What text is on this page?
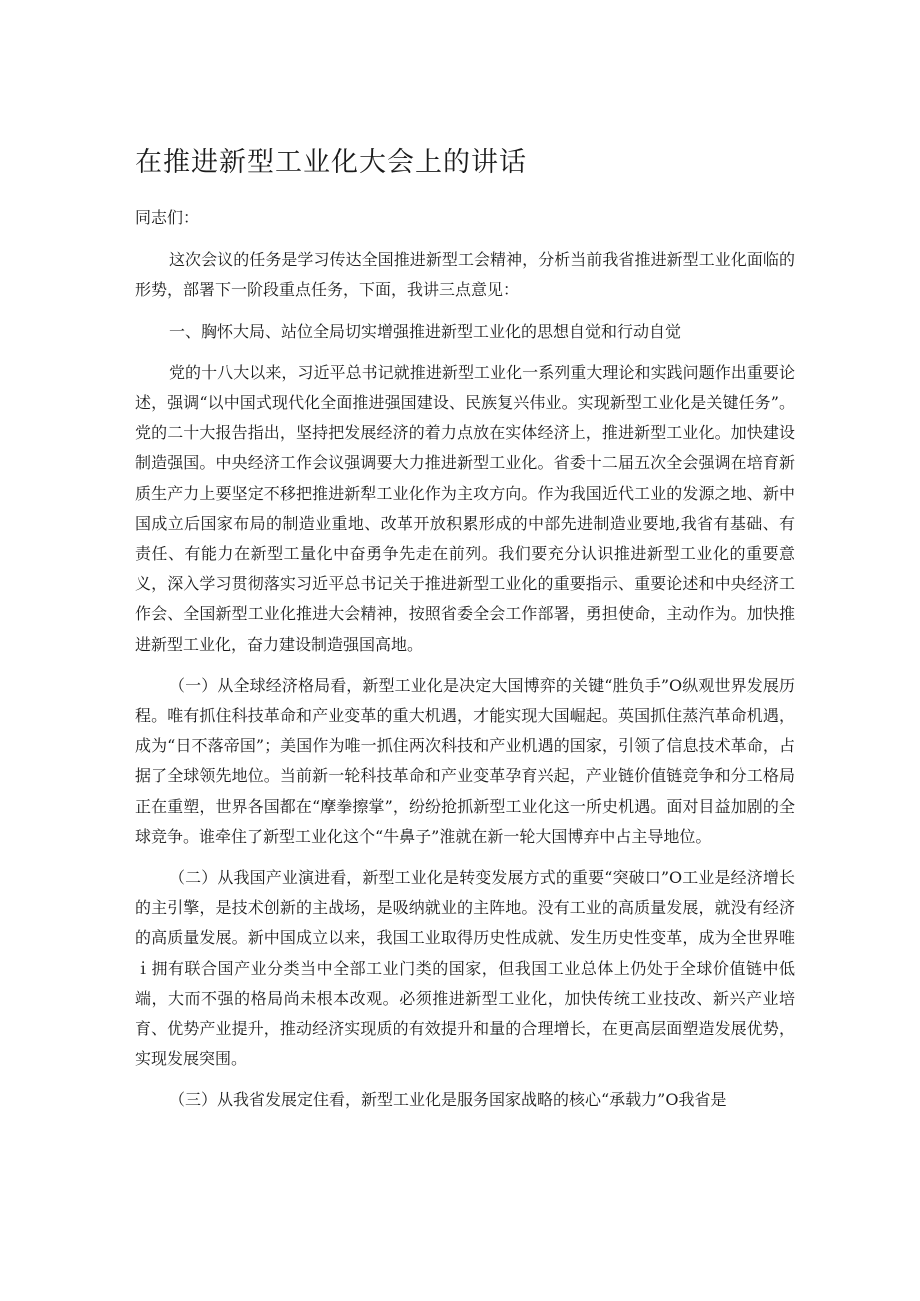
在推进新型工业化大会上的讲话

同志们：

这次会议的任务是学习传达全国推进新型工会精神，分析当前我省推进新型工业化面临的形势，部署下一阶段重点任务，下面，我讲三点意见：

一、胸怀大局、站位全局切实增强推进新型工业化的思想自觉和行动自觉

党的十八大以来，习近平总书记就推进新型工业化一系列重大理论和实践问题作出重要论述，强调“以中国式现代化全面推进强国建设、民族复兴伟业。实现新型工业化是关键任务”。党的二十大报告指出，坚持把发展经济的着力点放在实体经济上，推进新型工业化。加快建设制造强国。中央经济工作会议强调要大力推进新型工业化。省委十二届五次全会强调在培育新质生产力上要坚定不移把推进新犁工业化作为主攻方向。作为我国近代工业的发源之地、新中国成立后国家布局的制造业重地、改革开放积累形成的中部先进制造业要地,我省有基础、有责任、有能力在新型工量化中奋勇争先走在前列。我们要充分认识推进新型工业化的重要意义，深入学习贯彻落实习近平总书记关于推进新型工业化的重要指示、重要论述和中央经济工作会、全国新型工业化推进大会精神，按照省委全会工作部署，勇担使命，主动作为。加快推进新型工业化，奋力建设制造强国高地。

（一）从全球经济格局看，新型工业化是决定大国博弈的关键“胜负手”O纵观世界发展历程。唯有抓住科技革命和产业变革的重大机遇，才能实现大国崛起。英国抓住蒸汽革命机遇，成为“日不落帝国”；美国作为唯一抓住两次科技和产业机遇的国家，引领了信息技术革命，占据了全球领先地位。当前新一轮科技革命和产业变革孕育兴起，产业链价值链竞争和分工格局正在重塑，世界各国都在“摩拳擦掌”，纷纷抢抓新型工业化这一所史机遇。面对目益加剧的全球竞争。谁牵住了新型工业化这个“牛鼻子”淮就在新一轮大国博弃中占主导地位。

（二）从我国产业演进看，新型工业化是转变发展方式的重要“突破口”O工业是经济增长的主引擎，是技术创新的主战场，是吸纳就业的主阵地。没有工业的高质量发展，就没有经济的高质量发展。新中国成立以来，我国工业取得历史性成就、发生历史性变革，成为全世界唯ｉ拥有联合国产业分类当中全部工业门类的国家，但我国工业总体上仍处于全球价值链中低端，大而不强的格局尚未根本改观。必须推进新型工业化，加快传统工业技改、新兴产业培育、优势产业提升，推动经济实现质的有效提升和量的合理增长，在更高层面塑造发展优势，实现发展突围。

（三）从我省发展定住看，新型工业化是服务国家战略的核心“承载力”O我省是
